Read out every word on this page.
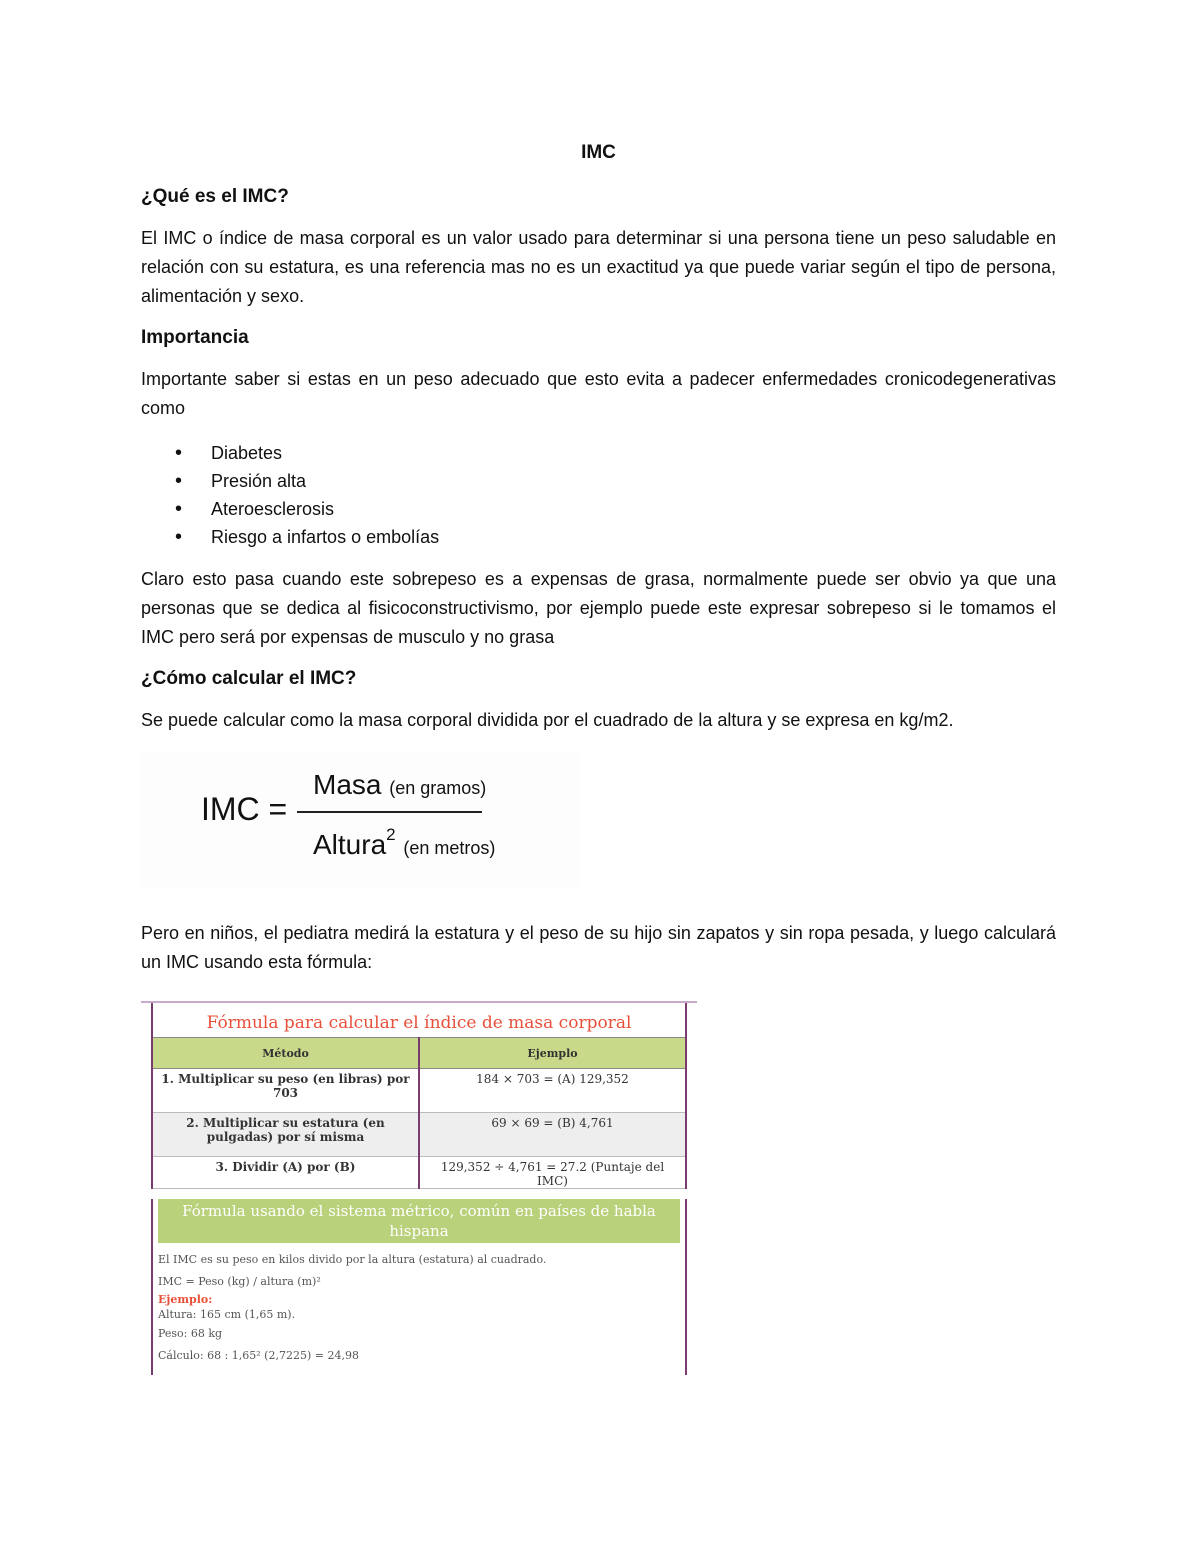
IMC
¿Qué es el IMC?
El IMC o índice de masa corporal es un valor usado para determinar si una persona tiene un peso saludable en relación con su estatura, es una referencia mas no es un exactitud ya que puede variar según el tipo de persona, alimentación y sexo.
Importancia
Importante saber si estas en un peso adecuado que esto evita a padecer enfermedades cronicodegenerativas como
• Diabetes
• Presión alta
• Ateroesclerosis
• Riesgo a infartos o embolías
Claro esto pasa cuando este sobrepeso es a expensas de grasa, normalmente puede ser obvio ya que una personas que se dedica al fisicoconstructivismo, por ejemplo puede este expresar sobrepeso si le tomamos el IMC pero será por expensas de musculo y no grasa
¿Cómo calcular el IMC?
Se puede calcular como la masa corporal dividida por el cuadrado de la altura y se expresa en kg/m2.
IMC =
Masa (en gramos)
Altura$^2$ (en metros)
Pero en niños, el pediatra medirá la estatura y el peso de su hijo sin zapatos y sin ropa pesada, y luego calculará un IMC usando esta fórmula:
Fórmula para calcular el índice de masa corporal
Método	Ejemplo
1. Multiplicar su peso (en libras) por 703	184 × 703 = (A) 129,352
2. Multiplicar su estatura (en pulgadas) por sí misma	69 × 69 = (B) 4,761
3. Dividir (A) por (B)	129,352 ÷ 4,761 = 27.2 (Puntaje del IMC)
Fórmula usando el sistema métrico, común en países de habla hispana
El IMC es su peso en kilos divido por la altura (estatura) al cuadrado.
IMC = Peso (kg) / altura (m)²
Ejemplo:
Altura: 165 cm (1,65 m).
Peso: 68 kg
Cálculo: 68 : 1,65² (2,7225) = 24,98
